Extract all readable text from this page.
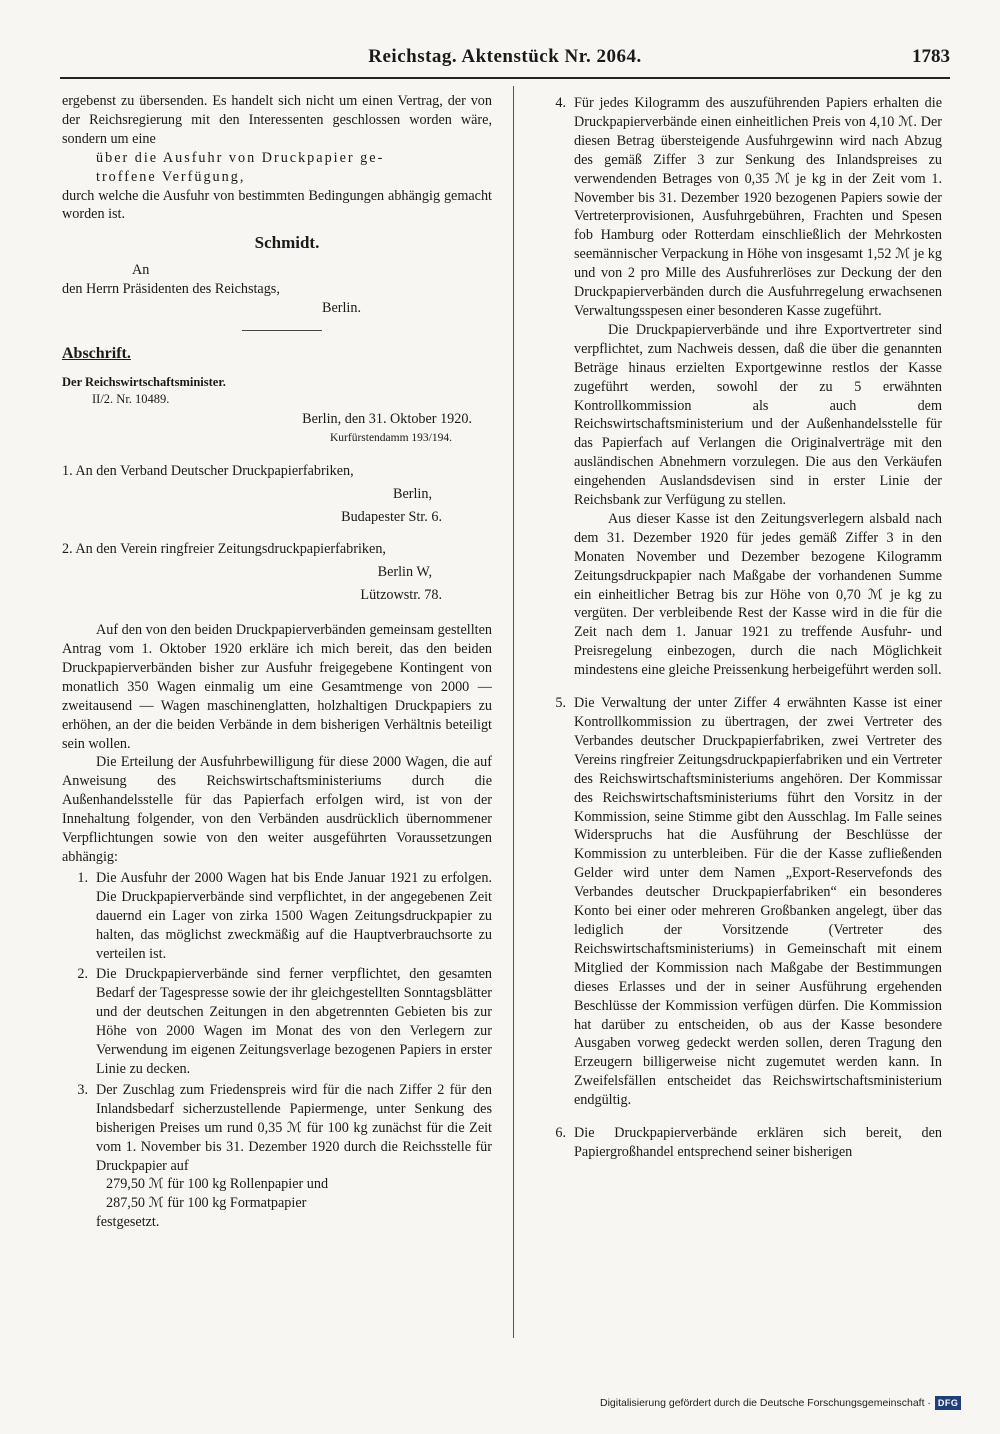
Reichstag. Aktenstück Nr. 2064.	1783

ergebenst zu übersenden. Es handelt sich nicht um einen Vertrag, der von der Reichsregierung mit den Interessenten geschlossen worden wäre, sondern um eine

über die Ausfuhr von Druckpapier ge-

troffene Verfügung,

durch welche die Ausfuhr von bestimmten Bedingungen abhängig gemacht worden ist.

Schmidt.

An

den Herrn Präsidenten des Reichstags,

Berlin.

Abschrift.

Der Reichswirtschaftsminister.

II/2. Nr. 10489.

Berlin, den 31. Oktober 1920.

Kurfürstendamm 193/194.

1. An den Verband Deutscher Druckpapierfabriken,

Berlin,

Budapester Str. 6.

2. An den Verein ringfreier Zeitungsdruckpapierfabriken,

Berlin W,

Lützowstr. 78.

Auf den von den beiden Druckpapierverbänden gemeinsam gestellten Antrag vom 1. Oktober 1920 erkläre ich mich bereit, das den beiden Druckpapierverbänden bisher zur Ausfuhr freigegebene Kontingent von monatlich 350 Wagen einmalig um eine Gesamtmenge von 2000 — zweitausend — Wagen maschinenglatten, holzhaltigen Druckpapiers zu erhöhen, an der die beiden Verbände in dem bisherigen Verhältnis beteiligt sein wollen.

Die Erteilung der Ausfuhrbewilligung für diese 2000 Wagen, die auf Anweisung des Reichswirtschaftsministeriums durch die Außenhandelsstelle für das Papierfach erfolgen wird, ist von der Innehaltung folgender, von den Verbänden ausdrücklich übernommener Verpflichtungen sowie von den weiter ausgeführten Voraussetzungen abhängig:

1. Die Ausfuhr der 2000 Wagen hat bis Ende Januar 1921 zu erfolgen. Die Druckpapierverbände sind verpflichtet, in der angegebenen Zeit dauernd ein Lager von zirka 1500 Wagen Zeitungsdruckpapier zu halten, das möglichst zweckmäßig auf die Hauptverbrauchsorte zu verteilen ist.
2. Die Druckpapierverbände sind ferner verpflichtet, den gesamten Bedarf der Tagespresse sowie der ihr gleichgestellten Sonntagsblätter und der deutschen Zeitungen in den abgetrennten Gebieten bis zur Höhe von 2000 Wagen im Monat des von den Verlegern zur Verwendung im eigenen Zeitungsverlage bezogenen Papiers in erster Linie zu decken.
3. Der Zuschlag zum Friedenspreis wird für die nach Ziffer 2 für den Inlandsbedarf sicherzustellende Papiermenge, unter Senkung des bisherigen Preises um rund 0,35 ℳ für 100 kg zunächst für die Zeit vom 1. November bis 31. Dezember 1920 durch die Reichsstelle für Druckpapier auf

279,50 ℳ für 100 kg Rollenpapier und

287,50 ℳ für 100 kg Formatpapier

festgesetzt.

4. Für jedes Kilogramm des auszuführenden Papiers erhalten die Druckpapierverbände einen einheitlichen Preis von 4,10 ℳ. Der diesen Betrag übersteigende Ausfuhrgewinn wird nach Abzug des gemäß Ziffer 3 zur Senkung des Inlandspreises zu verwendenden Betrages von 0,35 ℳ je kg in der Zeit vom 1. November bis 31. Dezember 1920 bezogenen Papiers sowie der Vertreterprovisionen, Ausfuhrgebühren, Frachten und Spesen fob Hamburg oder Rotterdam einschließlich der Mehrkosten seemännischer Verpackung in Höhe von insgesamt 1,52 ℳ je kg und von 2 pro Mille des Ausfuhrerlöses zur Deckung der den Druckpapierverbänden durch die Ausfuhrregelung erwachsenen Verwaltungsspesen einer besonderen Kasse zugeführt.

Die Druckpapierverbände und ihre Exportvertreter sind verpflichtet, zum Nachweis dessen, daß die über die genannten Beträge hinaus erzielten Exportgewinne restlos der Kasse zugeführt werden, sowohl der zu 5 erwähnten Kontrollkommission als auch dem Reichswirtschaftsministerium und der Außenhandelsstelle für das Papierfach auf Verlangen die Originalverträge mit den ausländischen Abnehmern vorzulegen. Die aus den Verkäufen eingehenden Auslandsdevisen sind in erster Linie der Reichsbank zur Verfügung zu stellen.

Aus dieser Kasse ist den Zeitungsverlegern alsbald nach dem 31. Dezember 1920 für jedes gemäß Ziffer 3 in den Monaten November und Dezember bezogene Kilogramm Zeitungsdruckpapier nach Maßgabe der vorhandenen Summe ein einheitlicher Betrag bis zur Höhe von 0,70 ℳ je kg zu vergüten. Der verbleibende Rest der Kasse wird in die für die Zeit nach dem 1. Januar 1921 zu treffende Ausfuhr- und Preisregelung einbezogen, durch die nach Möglichkeit mindestens eine gleiche Preissenkung herbeigeführt werden soll.

5. Die Verwaltung der unter Ziffer 4 erwähnten Kasse ist einer Kontrollkommission zu übertragen, der zwei Vertreter des Verbandes deutscher Druckpapierfabriken, zwei Vertreter des Vereins ringfreier Zeitungsdruckpapierfabriken und ein Vertreter des Reichswirtschaftsministeriums angehören. Der Kommissar des Reichswirtschaftsministeriums führt den Vorsitz in der Kommission, seine Stimme gibt den Ausschlag. Im Falle seines Widerspruchs hat die Ausführung der Beschlüsse der Kommission zu unterbleiben. Für die der Kasse zufließenden Gelder wird unter dem Namen „Export-Reservefonds des Verbandes deutscher Druckpapierfabriken“ ein besonderes Konto bei einer oder mehreren Großbanken angelegt, über das lediglich der Vorsitzende (Vertreter des Reichswirtschaftsministeriums) in Gemeinschaft mit einem Mitglied der Kommission nach Maßgabe der Bestimmungen dieses Erlasses und der in seiner Ausführung ergehenden Beschlüsse der Kommission verfügen dürfen. Die Kommission hat darüber zu entscheiden, ob aus der Kasse besondere Ausgaben vorweg gedeckt werden sollen, deren Tragung den Erzeugern billigerweise nicht zugemutet werden kann. In Zweifelsfällen entscheidet das Reichswirtschaftsministerium endgültig.
6. Die Druckpapierverbände erklären sich bereit, den Papiergroßhandel entsprechend seiner bisherigen
Digitalisierung gefördert durch die Deutsche Forschungsgemeinschaft · DFG
